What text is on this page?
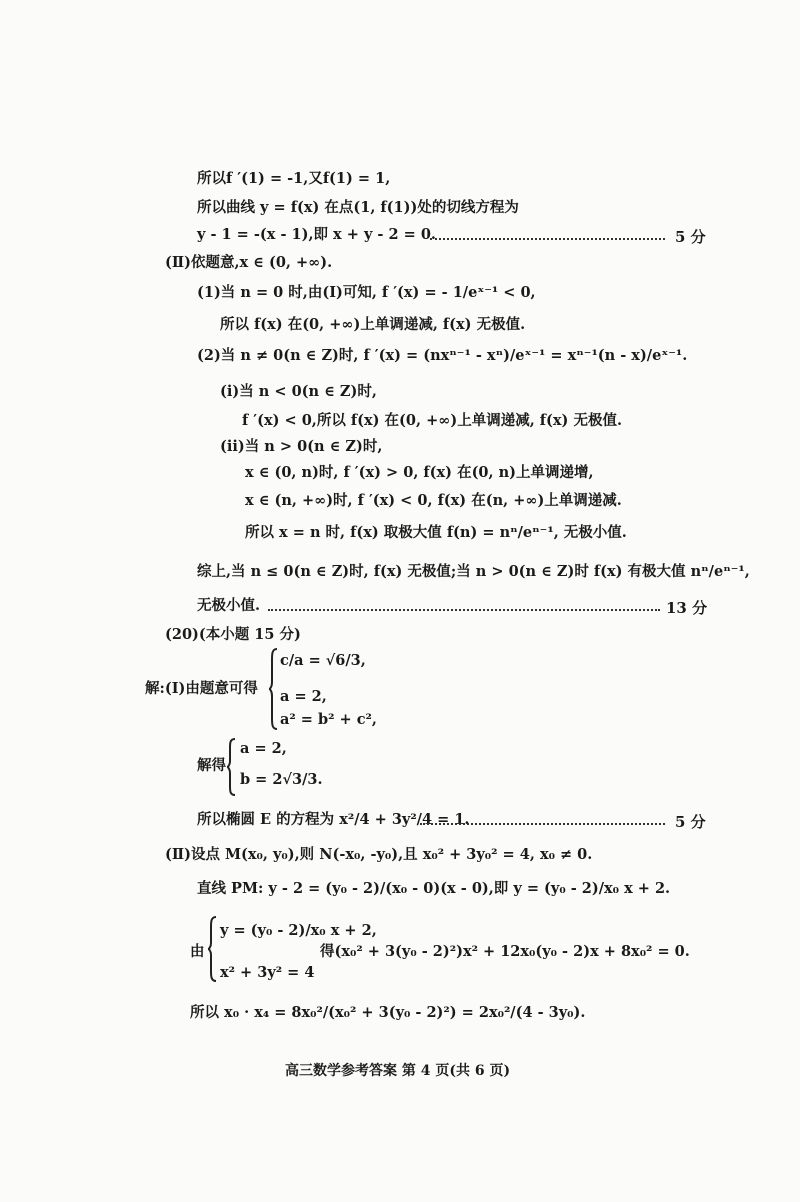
所以f ′(1) = -1,又f(1) = 1,
所以曲线 y = f(x) 在点(1, f(1))处的切线方程为
y - 1 = -(x - 1),即 x + y - 2 = 0.	5 分
(Ⅱ)依题意,x ∈ (0, +∞).
(1)当 n = 0 时,由(Ⅰ)可知, f ′(x) = - 1/eˣ⁻¹ < 0,
所以 f(x) 在(0, +∞)上单调递减, f(x) 无极值.
(2)当 n ≠ 0(n ∈ Z)时, f ′(x) = (nxⁿ⁻¹ - xⁿ)/eˣ⁻¹ = xⁿ⁻¹(n - x)/eˣ⁻¹.
(i)当 n < 0(n ∈ Z)时,
f ′(x) < 0,所以 f(x) 在(0, +∞)上单调递减, f(x) 无极值.
(ii)当 n > 0(n ∈ Z)时,
x ∈ (0, n)时, f ′(x) > 0, f(x) 在(0, n)上单调递增,
x ∈ (n, +∞)时, f ′(x) < 0, f(x) 在(n, +∞)上单调递减.
所以 x = n 时, f(x) 取极大值 f(n) = nⁿ/eⁿ⁻¹, 无极小值.
综上,当 n ≤ 0(n ∈ Z)时, f(x) 无极值;当 n > 0(n ∈ Z)时 f(x) 有极大值 nⁿ/eⁿ⁻¹,
无极小值.	13 分
(20)(本小题 15 分)
c/a = √6/3,
解:(Ⅰ)由题意可得 a = 2,
a² = b² + c²,
a = 2,
解得
b = 2√3/3.
所以椭圆 E 的方程为 x²/4 + 3y²/4 = 1.	5 分
(Ⅱ)设点 M(x₀, y₀),则 N(-x₀, -y₀),且 x₀² + 3y₀² = 4, x₀ ≠ 0.
直线 PM: y - 2 = (y₀ - 2)/(x₀ - 0)(x - 0),即 y = (y₀ - 2)/x₀ x + 2.
y = (y₀ - 2)/x₀ x + 2,
由	得(x₀² + 3(y₀ - 2)²)x² + 12x₀(y₀ - 2)x + 8x₀² = 0.
x² + 3y² = 4
所以 x₀ · x₄ = 8x₀²/(x₀² + 3(y₀ - 2)²) = 2x₀²/(4 - 3y₀).
高三数学参考答案 第 4 页(共 6 页)
